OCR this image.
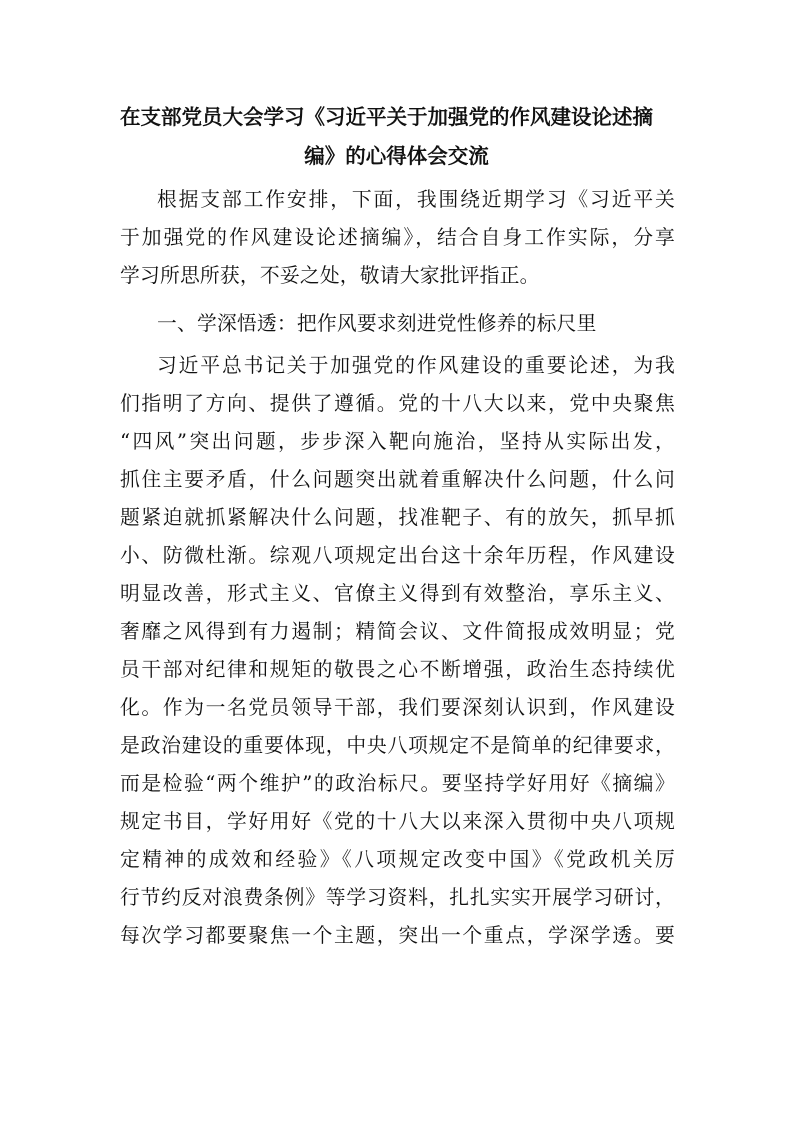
在支部党员大会学习《习近平关于加强党的作风建设论述摘
编》的心得体会交流

根据支部工作安排，下面，我围绕近期学习《习近平关

于加强党的作风建设论述摘编》，结合自身工作实际，分享

学习所思所获，不妥之处，敬请大家批评指正。

一、学深悟透：把作风要求刻进党性修养的标尺里

习近平总书记关于加强党的作风建设的重要论述，为我

们指明了方向、提供了遵循。党的十八大以来，党中央聚焦

“四风”突出问题，步步深入靶向施治，坚持从实际出发，

抓住主要矛盾，什么问题突出就着重解决什么问题，什么问

题紧迫就抓紧解决什么问题，找准靶子、有的放矢，抓早抓

小、防微杜渐。综观八项规定出台这十余年历程，作风建设

明显改善，形式主义、官僚主义得到有效整治，享乐主义、

奢靡之风得到有力遏制；精简会议、文件简报成效明显；党

员干部对纪律和规矩的敬畏之心不断增强，政治生态持续优

化。作为一名党员领导干部，我们要深刻认识到，作风建设

是政治建设的重要体现，中央八项规定不是简单的纪律要求，

而是检验“两个维护”的政治标尺。要坚持学好用好《摘编》

规定书目，学好用好《党的十八大以来深入贯彻中央八项规

定精神的成效和经验》《八项规定改变中国》《党政机关厉

行节约反对浪费条例》等学习资料，扎扎实实开展学习研讨，

每次学习都要聚焦一个主题，突出一个重点，学深学透。要
